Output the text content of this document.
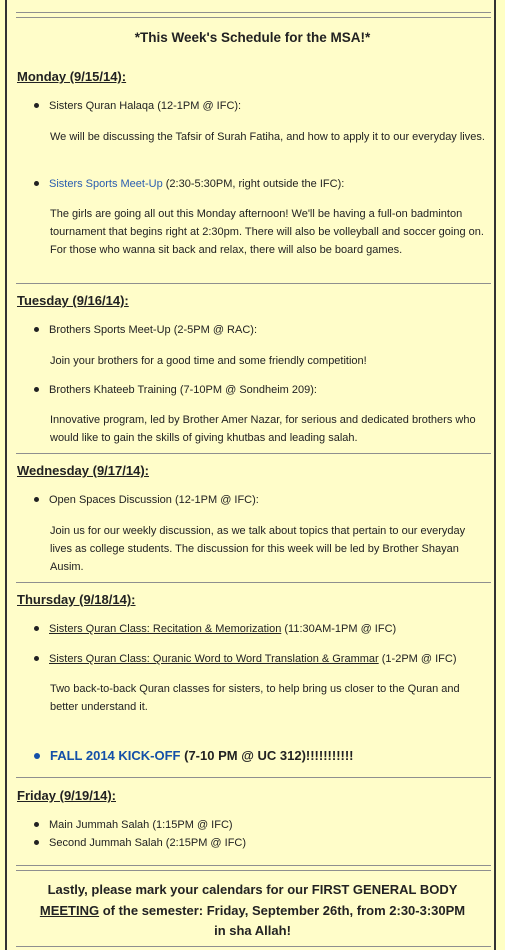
*This Week's Schedule for the MSA!*
Monday (9/15/14):
Sisters Quran Halaqa (12-1PM @ IFC):
We will be discussing the Tafsir of Surah Fatiha, and how to apply it to our everyday lives.
Sisters Sports Meet-Up (2:30-5:30PM, right outside the IFC):
The girls are going all out this Monday afternoon! We'll be having a full-on badminton tournament that begins right at 2:30pm. There will also be volleyball and soccer going on. For those who wanna sit back and relax, there will also be board games.
Tuesday (9/16/14):
Brothers Sports Meet-Up (2-5PM @ RAC):
Join your brothers for a good time and some friendly competition!
Brothers Khateeb Training (7-10PM @ Sondheim 209):
Innovative program, led by Brother Amer Nazar, for serious and dedicated brothers who would like to gain the skills of giving khutbas and leading salah.
Wednesday (9/17/14):
Open Spaces Discussion (12-1PM @ IFC):
Join us for our weekly discussion, as we talk about topics that pertain to our everyday lives as college students. The discussion for this week will be led by Brother Shayan Ausim.
Thursday (9/18/14):
Sisters Quran Class: Recitation & Memorization (11:30AM-1PM @ IFC)
Sisters Quran Class: Quranic Word to Word Translation & Grammar (1-2PM @ IFC)
Two back-to-back Quran classes for sisters, to help bring us closer to the Quran and better understand it.
FALL 2014 KICK-OFF (7-10 PM @ UC 312)!!!!!!!!!!!
Friday (9/19/14):
Main Jummah Salah (1:15PM @ IFC)
Second Jummah Salah (2:15PM @ IFC)
Lastly, please mark your calendars for our FIRST GENERAL BODY
MEETING of the semester: Friday, September 26th, from 2:30-3:30PM
in sha Allah!
